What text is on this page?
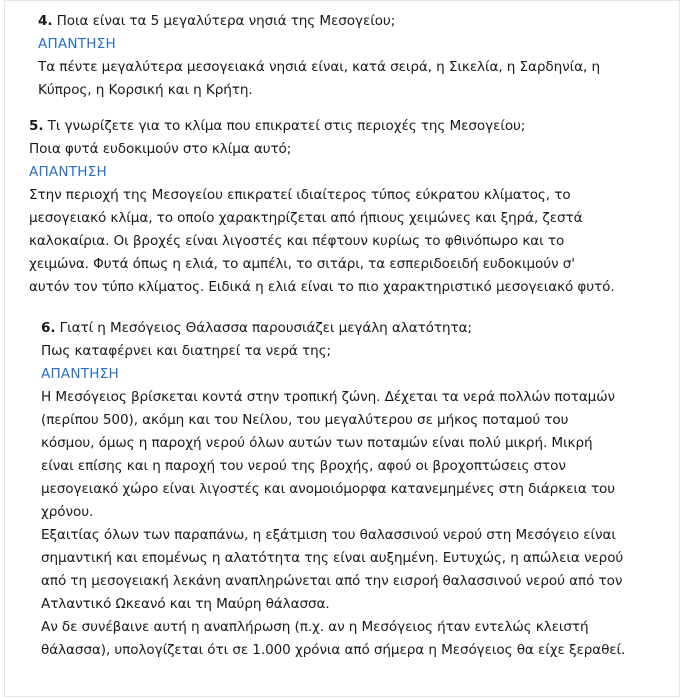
4. Ποια είναι τα 5 μεγαλύτερα νησιά της Μεσογείου;

ΑΠΑΝΤΗΣΗ

Τα πέντε μεγαλύτερα μεσογειακά νησιά είναι, κατά σειρά, η Σικελία, η Σαρδηνία, η

Κύπρος, η Κορσική και η Κρήτη.

5. Τι γνωρίζετε για το κλίμα που επικρατεί στις περιοχές της Μεσογείου;

Ποια φυτά ευδοκιμούν στο κλίμα αυτό;

ΑΠΑΝΤΗΣΗ

Στην περιοχή της Μεσογείου επικρατεί ιδιαίτερος τύπος εύκρατου κλίματος, το

μεσογειακό κλίμα, το οποίο χαρακτηρίζεται από ήπιους χειμώνες και ξηρά, ζεστά

καλοκαίρια. Οι βροχές είναι λιγοστές και πέφτουν κυρίως το φθινόπωρο και το

χειμώνα. Φυτά όπως η ελιά, το αμπέλι, το σιτάρι, τα εσπεριδοειδή ευδοκιμούν σ'

αυτόν τον τύπο κλίματος. Ειδικά η ελιά είναι το πιο χαρακτηριστικό μεσογειακό φυτό.

6. Γιατί η Μεσόγειος Θάλασσα παρουσιάζει μεγάλη αλατότητα;

Πως καταφέρνει και διατηρεί τα νερά της;

ΑΠΑΝΤΗΣΗ

Η Μεσόγειος βρίσκεται κοντά στην τροπική ζώνη. Δέχεται τα νερά πολλών ποταμών

(περίπου 500), ακόμη και του Νείλου, του μεγαλύτερου σε μήκος ποταμού του

κόσμου, όμως η παροχή νερού όλων αυτών των ποταμών είναι πολύ μικρή. Μικρή

είναι επίσης και η παροχή του νερού της βροχής, αφού οι βροχοπτώσεις στον

μεσογειακό χώρο είναι λιγοστές και ανομοιόμορφα κατανεμημένες στη διάρκεια του

χρόνου.

Εξαιτίας όλων των παραπάνω, η εξάτμιση του θαλασσινού νερού στη Μεσόγειο είναι

σημαντική και επομένως η αλατότητα της είναι αυξημένη. Ευτυχώς, η απώλεια νερού

από τη μεσογειακή λεκάνη αναπληρώνεται από την εισροή θαλασσινού νερού από τον

Ατλαντικό Ωκεανό και τη Μαύρη θάλασσα.

Αν δε συνέβαινε αυτή η αναπλήρωση (π.χ. αν η Μεσόγειος ήταν εντελώς κλειστή

θάλασσα), υπολογίζεται ότι σε 1.000 χρόνια από σήμερα η Μεσόγειος θα είχε ξεραθεί.
